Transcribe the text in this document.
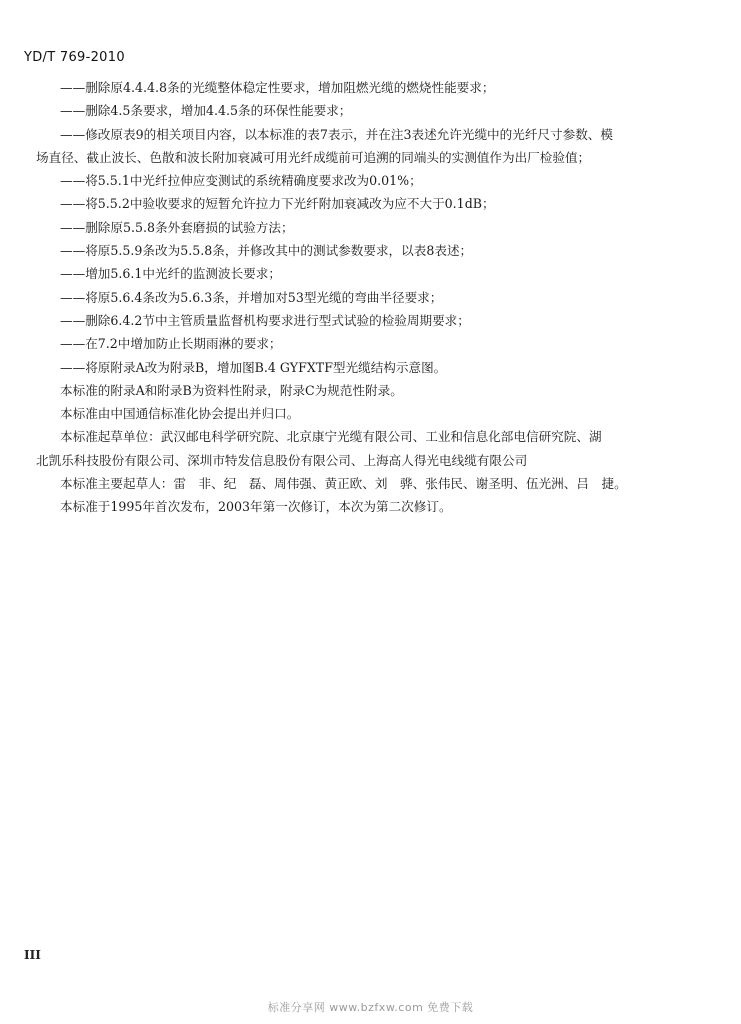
YD/T 769-2010
——删除原4.4.4.8条的光缆整体稳定性要求，增加阻燃光缆的燃烧性能要求；
——删除4.5条要求，增加4.4.5条的环保性能要求；
——修改原表9的相关项目内容，以本标准的表7表示，并在注3表述允许光缆中的光纤尺寸参数、模
场直径、截止波长、色散和波长附加衰减可用光纤成缆前可追溯的同端头的实测值作为出厂检验值；
——将5.5.1中光纤拉伸应变测试的系统精确度要求改为0.01%；
——将5.5.2中验收要求的短暂允许拉力下光纤附加衰减改为应不大于0.1dB；
——删除原5.5.8条外套磨损的试验方法；
——将原5.5.9条改为5.5.8条，并修改其中的测试参数要求，以表8表述；
——增加5.6.1中光纤的监测波长要求；
——将原5.6.4条改为5.6.3条，并增加对53型光缆的弯曲半径要求；
——删除6.4.2节中主管质量监督机构要求进行型式试验的检验周期要求；
——在7.2中增加防止长期雨淋的要求；
——将原附录A改为附录B，增加图B.4 GYFXTF型光缆结构示意图。
本标准的附录A和附录B为资料性附录，附录C为规范性附录。
本标准由中国通信标准化协会提出并归口。
本标准起草单位：武汉邮电科学研究院、北京康宁光缆有限公司、工业和信息化部电信研究院、湖
北凯乐科技股份有限公司、深圳市特发信息股份有限公司、上海高人得光电线缆有限公司
本标准主要起草人：雷　非、纪　磊、周伟强、黄正欧、刘　骅、张伟民、谢圣明、伍光洲、吕　捷。
本标准于1995年首次发布，2003年第一次修订，本次为第二次修订。
III
标准分享网 www.bzfxw.com 免费下载
